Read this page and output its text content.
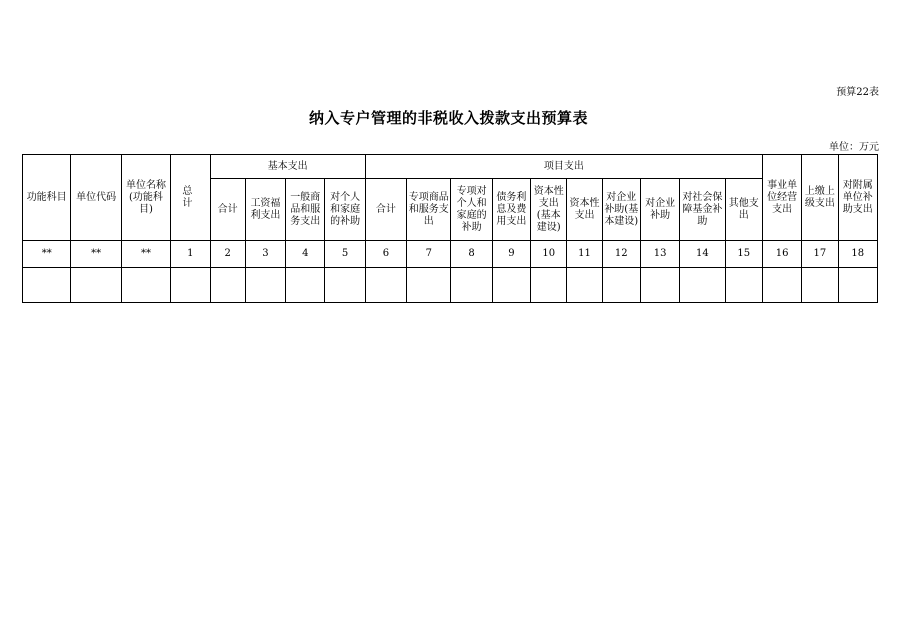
预算22表
纳入专户管理的非税收入拨款支出预算表
单位：万元
功能科目	单位代码	单位名称(功能科目)	总 计	基本支出				项目支出										事业单位经营支出	上缴上级支出	对附属单位补助支出
				合计	工资福利支出	一般商品和服务支出	对个人和家庭的补助	合计	专项商品和服务支出	专项对个人和家庭的补助	债务利息及费用支出	资本性支出(基本建设)	资本性支出	对企业补助(基本建设)	对企业补助	对社会保障基金补助	其他支出			
**	**	**	1	2	3	4	5	6	7	8	9	10	11	12	13	14	15	16	17	18
